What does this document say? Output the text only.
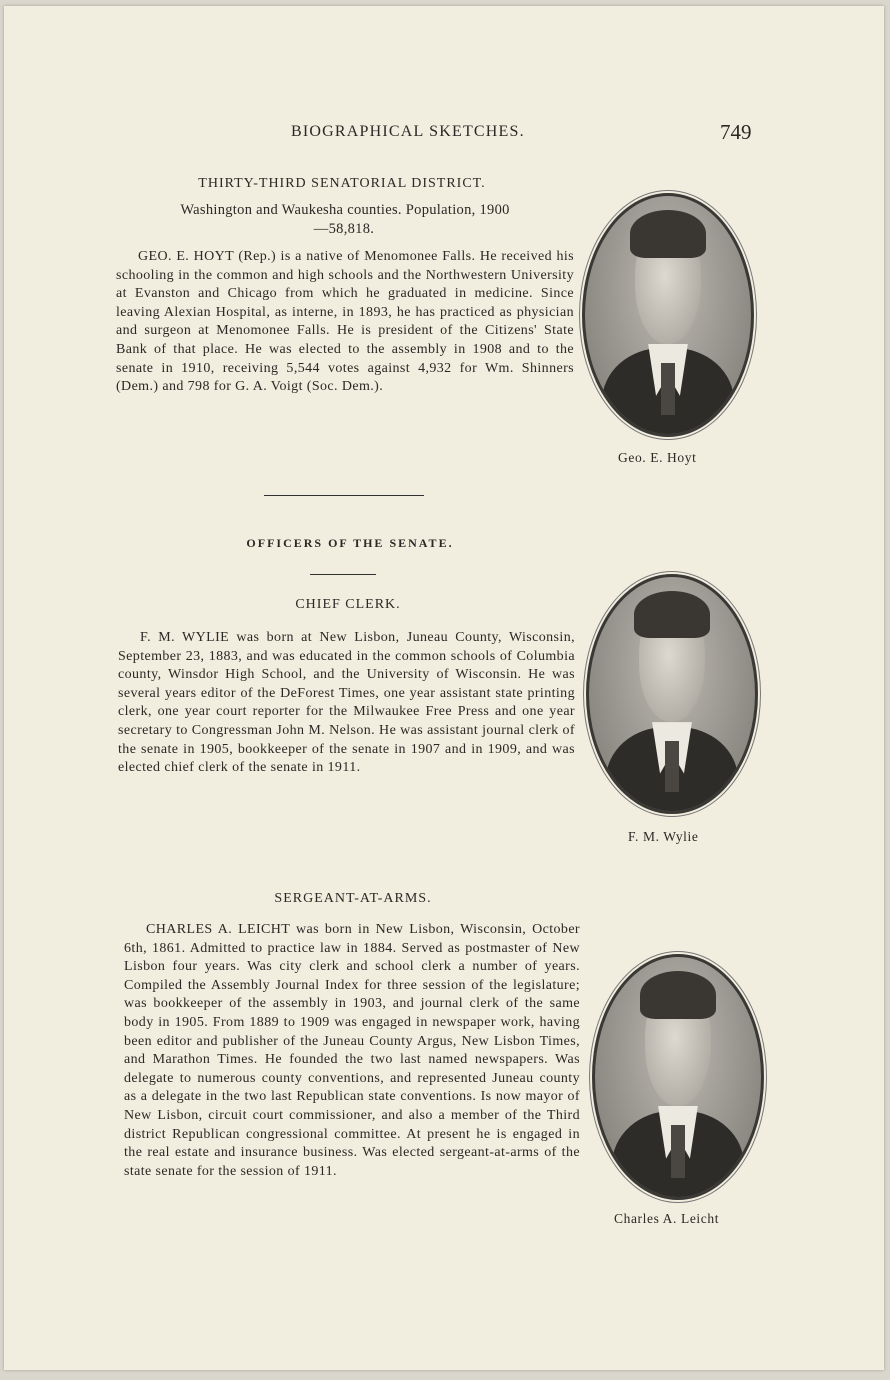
BIOGRAPHICAL SKETCHES.	749
THIRTY-THIRD SENATORIAL DISTRICT.
Washington and Waukesha counties. Population, 1900
—58,818.

GEO. E. HOYT (Rep.) is a native of Menomonee Falls. He received his schooling in the common and high schools and the Northwestern University at Evanston and Chicago from which he graduated in medicine. Since leaving Alexian Hospital, as interne, in 1893, he has practiced as physician and surgeon at Menomonee Falls. He is president of the Citizens' State Bank of that place. He was elected to the assembly in 1908 and to the senate in 1910, receiving 5,544 votes against 4,932 for Wm. Shinners (Dem.) and 798 for G. A. Voigt (Soc. Dem.).

Geo. E. Hoyt
OFFICERS OF THE SENATE.
CHIEF CLERK.

F. M. WYLIE was born at New Lisbon, Juneau County, Wisconsin, September 23, 1883, and was educated in the common schools of Columbia county, Winsdor High School, and the University of Wisconsin. He was several years editor of the DeForest Times, one year assistant state printing clerk, one year court reporter for the Milwaukee Free Press and one year secretary to Congressman John M. Nelson. He was assistant journal clerk of the senate in 1905, bookkeeper of the senate in 1907 and in 1909, and was elected chief clerk of the senate in 1911.

F. M. Wylie
SERGEANT-AT-ARMS.

CHARLES A. LEICHT was born in New Lisbon, Wisconsin, October 6th, 1861. Admitted to practice law in 1884. Served as postmaster of New Lisbon four years. Was city clerk and school clerk a number of years. Compiled the Assembly Journal Index for three session of the legislature; was bookkeeper of the assembly in 1903, and journal clerk of the same body in 1905. From 1889 to 1909 was engaged in newspaper work, having been editor and publisher of the Juneau County Argus, New Lisbon Times, and Marathon Times. He founded the two last named newspapers. Was delegate to numerous county conventions, and represented Juneau county as a delegate in the two last Republican state conventions. Is now mayor of New Lisbon, circuit court commissioner, and also a member of the Third district Republican congressional committee. At present he is engaged in the real estate and insurance business. Was elected sergeant-at-arms of the state senate for the session of 1911.

Charles A. Leicht
